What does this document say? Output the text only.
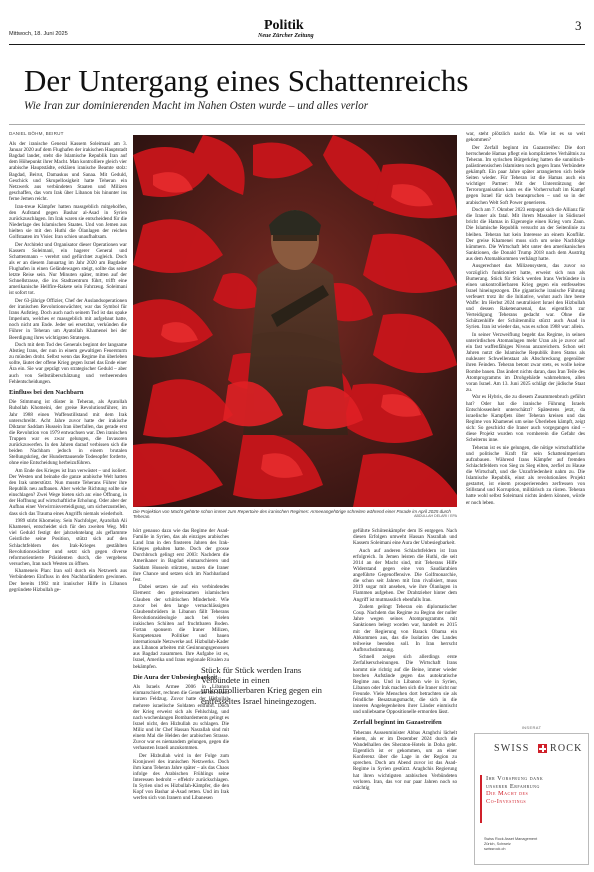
Mittwoch, 18. Juni 2025
Politik
Neue Zürcher Zeitung
3
Der Untergang eines Schattenreichs
Wie Iran zur dominierenden Macht im Nahen Osten wurde – und alles verlor
DANIEL BÖHM, BEIRUT

Als der iranische General Kassem Soleimani am 3. Januar 2020 auf dem Flughafen der irakischen Hauptstadt Bagdad landet, steht die Islamische Republik Iran auf dem Höhepunkt ihrer Macht. Man kontrolliere gleich vier arabische Hauptstädte, erklären iranische Beamte stolz: Bagdad, Beirut, Damaskus und Sanaa. Mit Geduld, Geschick und Skrupellosigkeit hatte Teheran ein Netzwerk aus verbündeten Staaten und Milizen geschaffen, das vom Irak über Libanon bis hinunter ins ferne Jemen reicht.

Iran-treue Kämpfer hatten massgeblich mitgeholfen, den Aufstand gegen Bashar al-Asad in Syrien zurückzuschlagen. Im Irak waren sie entscheidend für die Niederlage des Islamischen Staates. Und von Jemen aus hielten sie mit den Huthi die Ölanlagen der reichen Golfstaaten im Visier. Iran schien unaufhaltsam.

Der Architekt und Organisator dieser Operationen war Kassem Soleimani, ein hagerer General und Schattenmann – verehrt und gefürchtet zugleich. Doch als er an diesem Januartag im Jahr 2020 am Bagdader Flughafen in einen Geländewagen steigt, sollte das seine letzte Reise sein. Nur Minuten später, mitten auf der Schnellstrasse, die ins Stadtzentrum führt, trifft eine amerikanische Hellfire-Rakete sein Fahrzeug. Soleimani ist sofort tot.

Der 63-jährige Offizier, Chef der Auslandsoperationen der iranischen Revolutionswächter, war das Symbol für Irans Aufstieg. Doch auch nach seinem Tod ist das opake Imperium, welches er massgeblich mit aufgebaut hatte, noch nicht am Ende. Jeder sei ersetzbar, verkünden die Führer in Teheran um Ayatollah Khamenei bei der Beerdigung ihres wichtigsten Strategen.

Doch mit dem Tod des Generals beginnt der langsame Abstieg Irans, der nun in einem gewaltigen Feuersturm zu münden droht. Selbst wenn das Regime ihn überleben sollte, läutet der offene Krieg gegen Israel das Ende einer Ära ein. Sie war geprägt von strategischer Geduld – aber auch von Selbstüberschätzung und verheerenden Fehlentscheidungen.

Einfluss bei den Nachbarn

Die Stimmung ist düster in Teheran, als Ayatollah Ruhollah Khomeini, der greise Revolutionsführer, im Jahr 1988 einen Waffenstillstand mit dem Irak unterschreibt. Acht Jahre zuvor hatte der irakische Diktator Saddam Hussein Iran überfallen, das gerade erst die Revolution von 1979 entwachsen war. Den iranischen Truppen war es zwar gelungen, die Invasoren zurückzuwerfen. In den Jahren darauf verbissen sich die beiden Nachbarn jedoch in einem brutalen Stellungskrieg, der Hunderttausende Todesopfer forderte, ohne eine Entscheidung herbeizuführen.

Am Ende des Krieges ist Iran verwüstet – und isoliert. Der Westen und beinahe die ganze arabische Welt hatten den Irak unterstützt. Nun musste Teherans Führer ihre Republik neu aufbauen. Aber welche Richtung sollte sie einschlagen? Zwei Wege bieten sich an: eine Öffnung, in der Hoffnung auf wirtschaftliche Erholung. Oder aber der Aufbau einer Verwirrnisverteidigung, um sicherzustellen, dass sich das Trauma eines Angriffs niemals wiederholt.

1989 stirbt Khomeiny. Sein Nachfolger, Ayatollah Ali Khamenei, entscheidet sich für den zweiten Weg. Mit viel Geduld festigt der jahrzehntelang als geflammte Geistliche seine Position, stützt sich auf den Schlachtfeldern des Irak-Krieges gestählten Revolutionswächter und setzt sich gegen diverse reformorientierte Präsidenten durch, die vergebens versuchen, Iran nach Westen zu öffnen.

Khameneis Plan: Iran soll durch ein Netzwerk aus Verbündeten Einfluss in den Nachbarländern gewinnen. Der bereits 1982 mit iranischer Hilfe in Libanon gegründete Hizbullah ge-

Die Projektion von Macht gehörte schon immer zum Repertoire des iranischen Regimes: Armeeangehörige schreiten während einer Parade im April 2025 durch Teheran.	ABDULLAH DELARI / EPA

hört genauso dazu wie das Regime der Asad-Familie in Syrien, das als einziges arabisches Land Iran in den finsteren Jahren des Irak-Krieges gehalten hatte. Doch der grosse Durchbruch gelingt erst 2003: Nachdem die Amerikaner in Bagdad einmarschieren und Saddam Hussein stürzten, nutzen die Iraner ihre Chance und setzen sich im Nachbarland fest.

Dabei setzen sie auf ein verbindendes Element: den gemeinsamen islamischen Glauben der schiitischen Minderheit. Wie zuvor bei den lange vernachlässigten Glaubensbrüdern in Libanon fällt Teherans Revolutionsideologie auch bei vielen irakischen Schiiten auf fruchtbaren Boden. Fortan sponsern die Iraner Milizen, Kompetenzen Politiker und bauen internationale Netzwerke auf. Hizbullah-Kader aus Libanon arbeiten mit Gesinnungsgenossen aus Bagdad zusammen. Ihre Aufgabe ist es, Israel, Amerika und Irans regionale Rivalen zu bekämpfen.

Die Aura der Unbesiegbarkeit

Als Israels Armee 2006 in Libanon einmarschiert, rechnen die Generäle mit einem kurzen Feldzug. Zuvor hatte der Hizbullah mehrere israelische Soldaten entführt. Doch der Krieg erweist sich als Fehlschlag, und nach wochenlangen Bombardements gelingt es Israel nicht, den Hizbullah zu schlagen. Die Miliz und ihr Chef Hassan Nasrallah sind mit einem Mal die Helden der arabischen Strasse. Zuvor war es niemandem gelungen, gegen die verhassten Israeli anzukommen.

Der Hizbullah wird in der Folge zum Kronjuwel des iranischen Netzwerks. Doch ihm kann Teheran Jahre später – als das Chaos infolge des Arabischen Frühlings seine Interessen bedroht – effektiv zurückschlagen. In Syrien sind es Hizbullah-Kämpfer, die den Kopf von Bashar al-Asad retten. Und im Irak werfen sich von Iranern und Libanesen

geführte Schiitenkämpfer dem IS entgegen. Nach diesen Erfolgen umweht Hassan Nasrallah und Kassem Soleimani eine Aura der Unbesiegbarkeit.

Auch auf anderen Schlachtfeldern ist Iran erfolgreich. In Jemen leisten die Huthi, die seit 2014 an der Macht sind, mit Teherans Hilfe Widerstand gegen eine von Saudiarabien angeführte Gegenoffensive. Die Golfmonarchie, die schon seit Jahren mit Iran rivalisiert, muss 2019 sogar mit ansehen, wie ihre Ölanlagen in Flammen aufgehen. Der Drahtzieher hinter dem Angriff ist mutmasslich ebenfalls Iran.

Zudem gelingt Teheran ein diplomatischer Coup. Nachdem das Regime zu Beginn der nuller Jahre wegen seines Atomprogramms mit Sanktionen belegt worden war, handelt es 2015 mit der Regierung von Barack Obama ein Abkommen aus, das die Isolation des Landes teilweise beenden soll. In Iran herrscht Aufbruchstimmung.

Schnell zeigen sich allerdings erste Zerfallserscheinungen. Die Wirtschaft Irans kommt nie richtig auf die Beine, immer wieder brechen Aufstände gegen das autokratische Regime aus. Und in Libanon wie in Syrien, Libanon oder Irak machen sich die Iraner nicht nur Freunde. Viele Menschen dort betrachten sie als feindliche Besatzungsmacht, die sich in die inneren Angelegenheiten ihrer Länder einmischt und unliebsame Oppositionelle ermorden lässt.

Zerfall beginnt im Gazastreifen

Teherans Aussenminister Abbas Araghchi lächelt einem, als er im Dezember 2024 durch die Wandelhallen des Sheraton-Hotels in Doha geht. Eigentlich ist er gekommen, um an einer Konferenz über die Lage in der Region zu sprechen. Doch am Abend zuvor ist das Asad-Regime in Syrien gestürzt. Araghchis Regierung hat ihren wichtigsten arabischen Verbündeten verloren. Iran, das vor nur paar Jahren noch so mächtig

Stück für Stück werden Irans Verbündete in einen unkontrollierbaren Krieg gegen ein entfesseltes Israel hineingezogen.

war, steht plötzlich nackt da. Wie ist es so weit gekommen?

Der Zerfall beginnt im Gazastreifen: Die dort herrschende Hamas pflegt ein kompliziertes Verhältnis zu Teheran. Im syrischen Bürgerkrieg hatten die sunnitisch-palästinensischen Islamisten noch gegen Irans Verbündete gekämpft. Ein paar Jahre später arrangierten sich beide Seiten wieder. Für Teheran ist die Hamas auch ein wichtiger Partner: Mit der Unterstützung der Terrororganisation kann es die Vorherrschaft im Kampf gegen Israel für sich beanspruchen – und so in der arabischen Welt Soft Power generieren.

Doch am 7. Oktober 2023 entpuppt sich die Allianz für die Iraner als fatal. Mit ihrem Massaker in Südisrael bricht die Hamas in Eigenregie einen Krieg vom Zaun. Die Islamische Republik versucht an der Seitenlinie zu bleiben. Teheran hat kein Interesse an einem Konflikt. Der greise Khamenei muss sich um seine Nachfolge kümmern. Die Wirtschaft lebt unter den amerikanischen Sanktionen, die Donald Trump 2018 nach dem Austritg aus dem Atomabkommen verhängt hatte.

Ausgerechnet das Milizensystem, das zuvor so vorzüglich funktioniert hatte, erweist sich nun als Bumerang. Stück für Stück werden Irans Verbündete in einen unkontrollierbaren Krieg gegen ein entfesseltes Israel hineingezogen. Die gigantische iranische Führung verfeuert trotz ihr die Initiative, wohnt auch ihre beste Waffe: Im Herbst 2024 neutralisiert Israel den Hizbullah und dessen Raketenarsenal, das eigentlich zur Verteidigung Teherans gedacht war. Ohne die Schützenhilfe der Schiitenmiliz stürzt auch Asad in Syrien. Iran ist wieder das, was es schon 1988 war: allein.

In seiner Verzweiflung begeht das Regime, in seinen unterirdischen Atomanlagen mehr Uran als je zuvor auf ein fast waffenfähiges Niveau anzureichern. Schon seit Jahren nutzt die Islamische Republik ihren Status als nuklearer Schwellenstaat als Abschreckung gegenüber ihren Feinden. Teheran betont zwar stets, es wolle keine Bombe bauen. Das ändert nichts daran, dass Iran Teile des Atomprogramms im Drohgebärde wahrnehmen, allen voran Israel. Am 13. Juni 2025 schlägt der jüdische Staat zu.

War es Hybris, die zu diesem Zusammenbruch geführt hat? Oder hat die iranische Führung Israels Entschlossenheit unterschätzt? Spätestens jetzt, da israelische Kampfjets über Teheran kreisen und das Regime von Khamenei um seine Überleben kämpft, zeigt sich: So geschickt die Iraner auch vorgegangen sind – diese Projekt wurden von vornherein die Gefahr des Scheiterns inne.

Teheran ist es nie gelungen, die nötige wirtschaftliche und politische Kraft für sein Schattenimperium aufzubauen. Während Irans Kämpfer auf fremden Schlachtfeldern von Sieg zu Sieg eilten, zerfiel zu Hause die Wirtschaft, und die Unzufriedenheit nahm zu. Die Islamische Republik, einst als revolutionäres Projekt gestartet, ist einem prosperierenden zerfressen von Stillstand und Korruption, militärisch zu rüsten. Teheran hatte wohl selbst Soleimani nichts ändern können, würde er noch leben.

INSERAT
SWISS ROCK
Ihr Vorsprung dank
unserer Erfahrung
Die Macht des
Co-Investings
Swiss Rock Asset Management
Zürich, Schweiz
swissrock.ch
